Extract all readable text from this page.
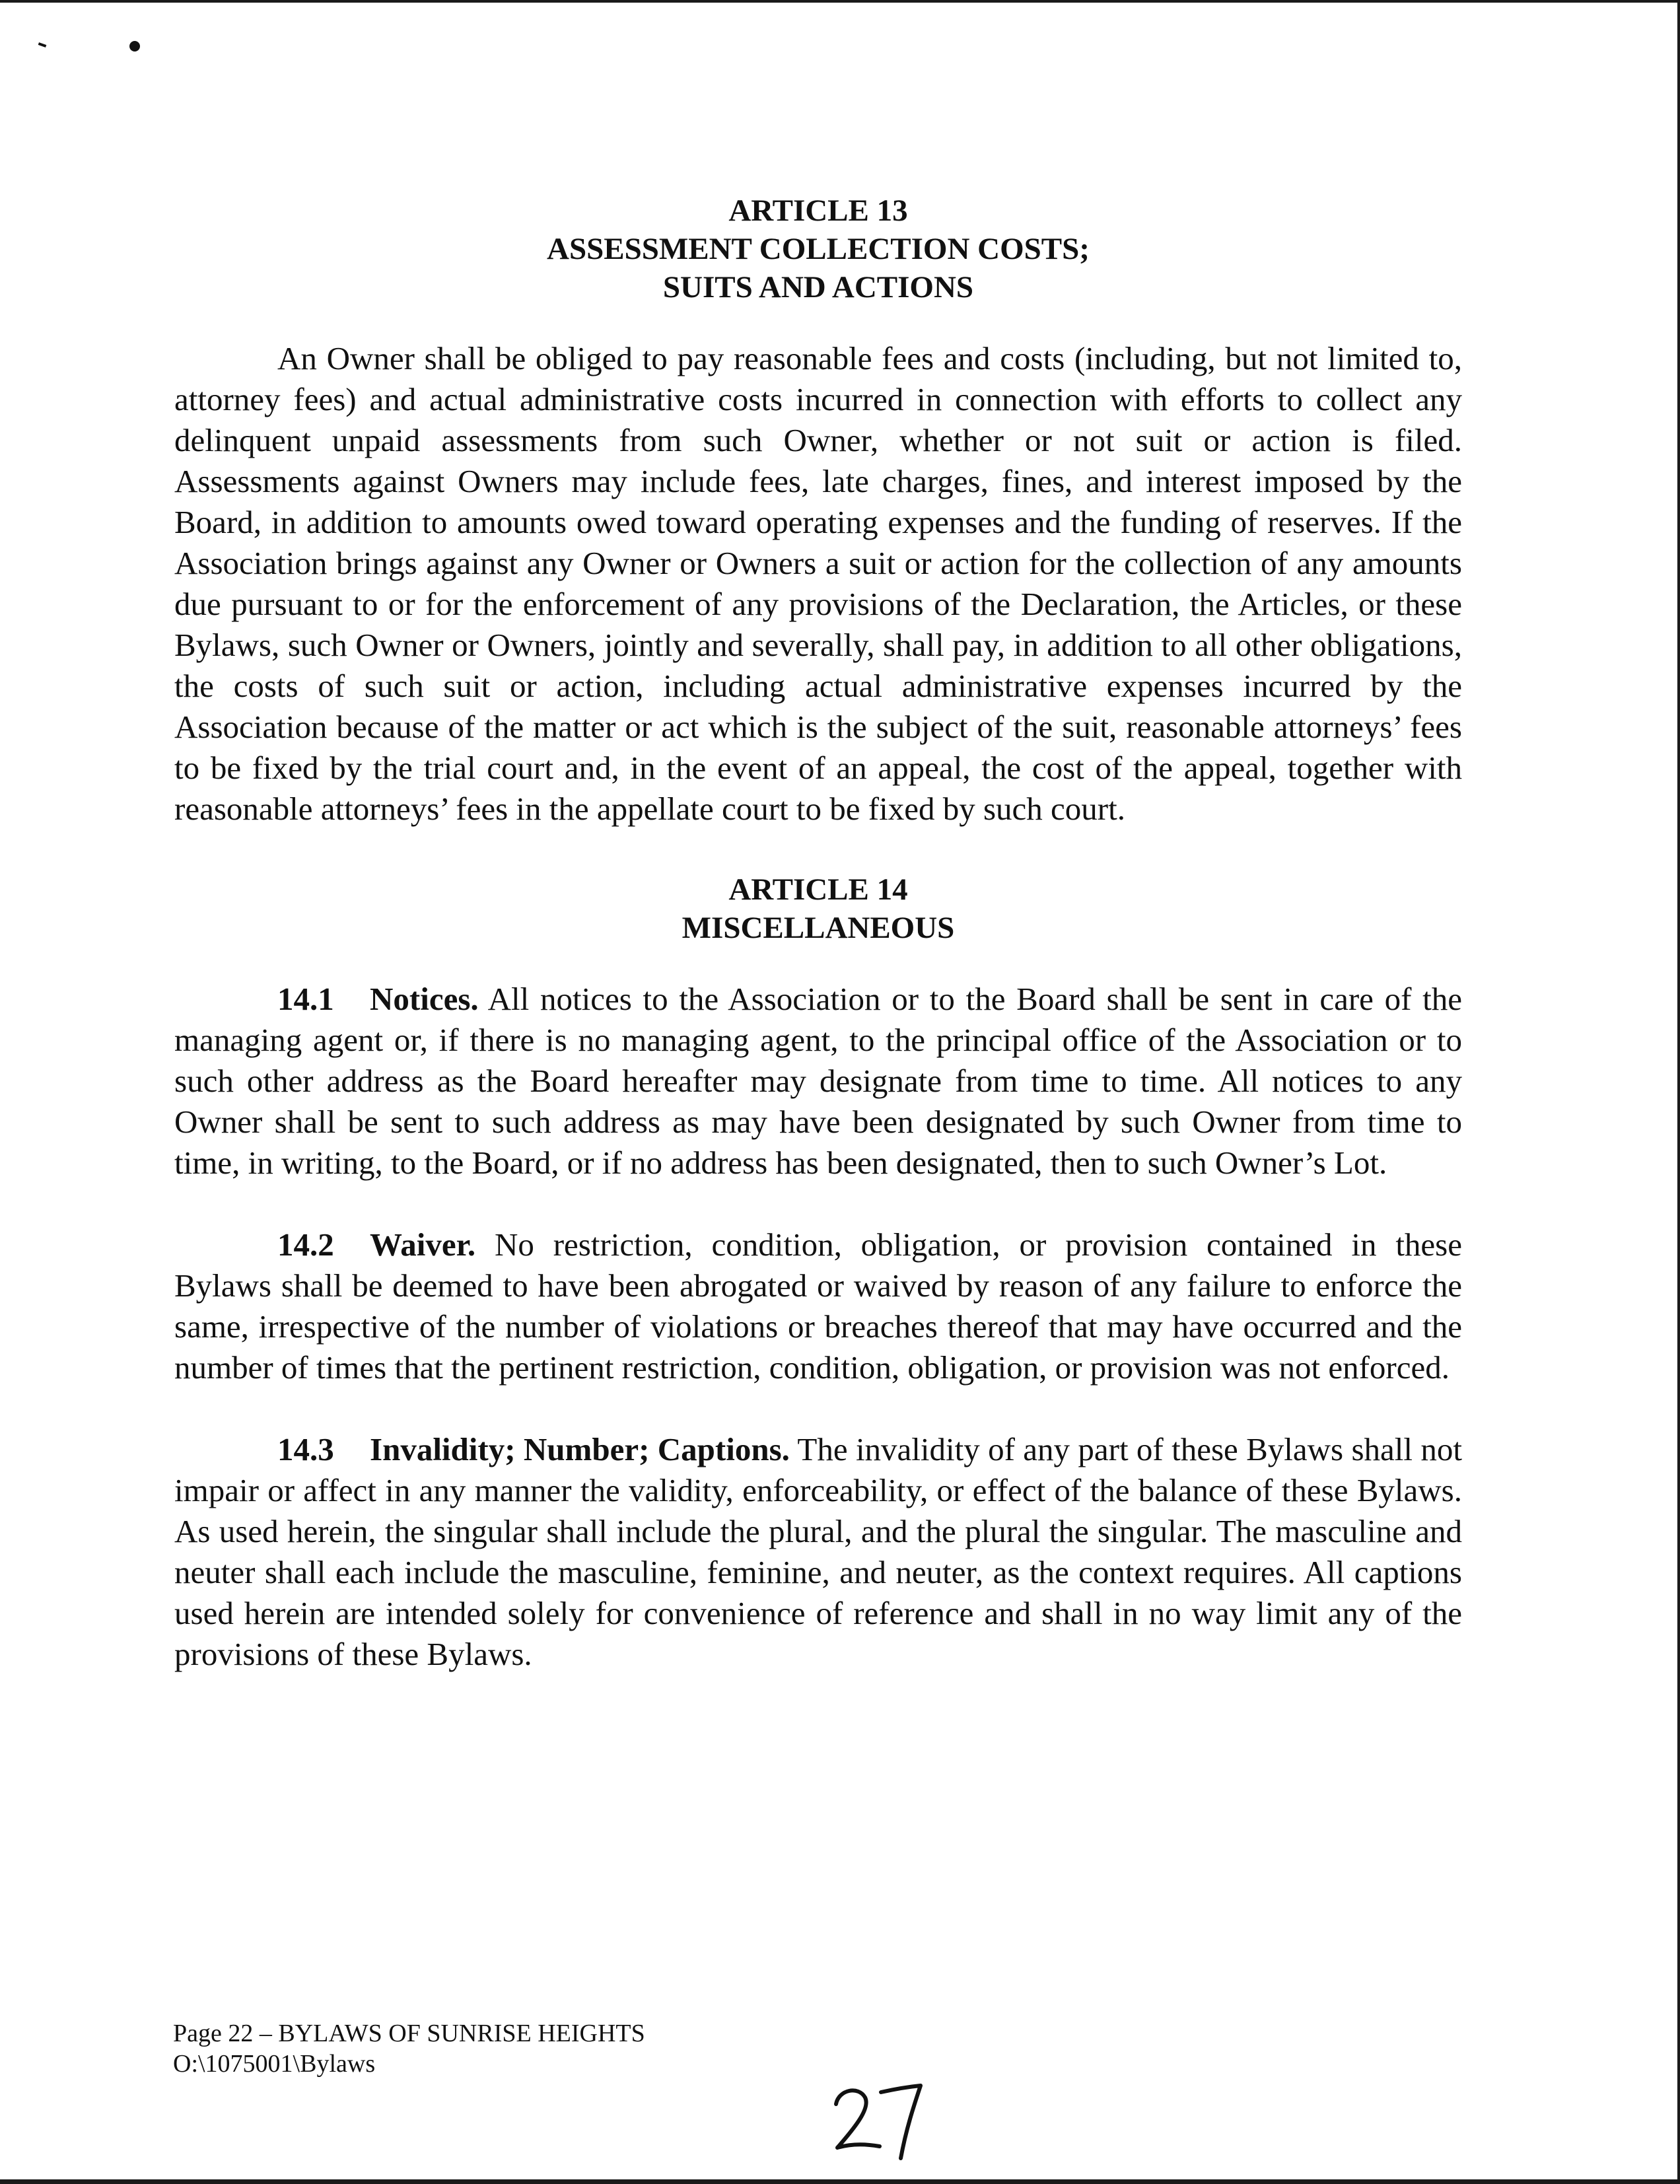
ARTICLE 13
ASSESSMENT COLLECTION COSTS;
SUITS AND ACTIONS

An Owner shall be obliged to pay reasonable fees and costs (including, but not limited to, attorney fees) and actual administrative costs incurred in connection with efforts to collect any delinquent unpaid assessments from such Owner, whether or not suit or action is filed. Assessments against Owners may include fees, late charges, fines, and interest imposed by the Board, in addition to amounts owed toward operating expenses and the funding of reserves. If the Association brings against any Owner or Owners a suit or action for the collection of any amounts due pursuant to or for the enforcement of any provisions of the Declaration, the Articles, or these Bylaws, such Owner or Owners, jointly and severally, shall pay, in addition to all other obligations, the costs of such suit or action, including actual administrative expenses incurred by the Association because of the matter or act which is the subject of the suit, reasonable attorneys’ fees to be fixed by the trial court and, in the event of an appeal, the cost of the appeal, together with reasonable attorneys’ fees in the appellate court to be fixed by such court.

ARTICLE 14
MISCELLANEOUS

14.1 Notices. All notices to the Association or to the Board shall be sent in care of the managing agent or, if there is no managing agent, to the principal office of the Association or to such other address as the Board hereafter may designate from time to time. All notices to any Owner shall be sent to such address as may have been designated by such Owner from time to time, in writing, to the Board, or if no address has been designated, then to such Owner’s Lot.

14.2 Waiver. No restriction, condition, obligation, or provision contained in these Bylaws shall be deemed to have been abrogated or waived by reason of any failure to enforce the same, irrespective of the number of violations or breaches thereof that may have occurred and the number of times that the pertinent restriction, condition, obligation, or provision was not enforced.

14.3 Invalidity; Number; Captions. The invalidity of any part of these Bylaws shall not impair or affect in any manner the validity, enforceability, or effect of the balance of these Bylaws. As used herein, the singular shall include the plural, and the plural the singular. The masculine and neuter shall each include the masculine, feminine, and neuter, as the context requires. All captions used herein are intended solely for convenience of reference and shall in no way limit any of the provisions of these Bylaws.

Page 22 – BYLAWS OF SUNRISE HEIGHTS
O:\1075001\Bylaws
